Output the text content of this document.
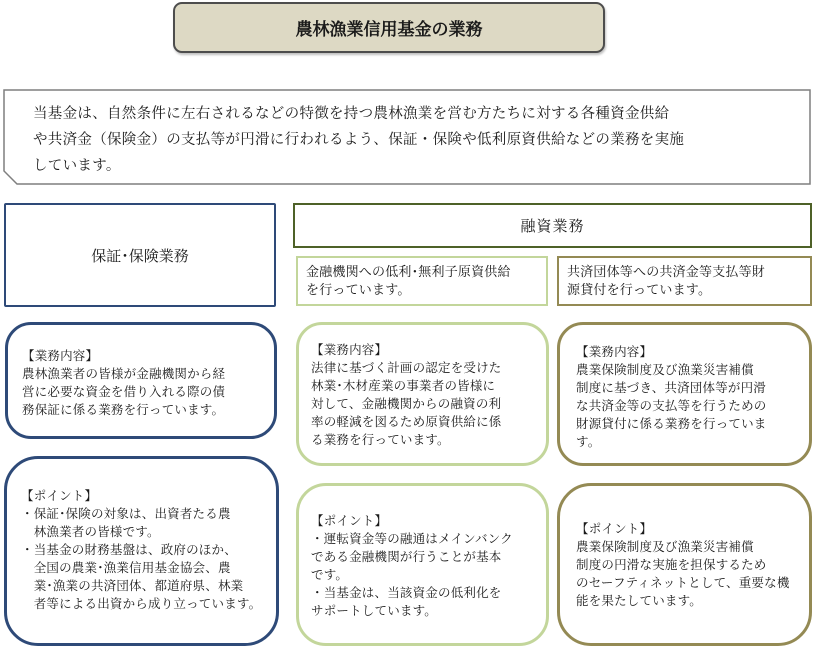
農林漁業信用基金の業務
当基金は、自然条件に左右されるなどの特徴を持つ農林漁業を営む方たちに対する各種資金供給
や共済金（保険金）の支払等が円滑に行われるよう、保証・保険や低利原資供給などの業務を実施
しています。
保証･保険業務
【業務内容】
農林漁業者の皆様が金融機関から経
営に必要な資金を借り入れる際の債
務保証に係る業務を行っています。
【ポイント】
・保証･保険の対象は、出資者たる農
　林漁業者の皆様です。
・当基金の財務基盤は、政府のほか、
　全国の農業･漁業信用基金協会、農
　業･漁業の共済団体、都道府県、林業
　者等による出資から成り立っています。
融資業務
金融機関への低利･無利子原資供給
を行っています。
共済団体等への共済金等支払等財
源貸付を行っています。
【業務内容】
法律に基づく計画の認定を受けた
林業･木材産業の事業者の皆様に
対して、金融機関からの融資の利
率の軽減を図るため原資供給に係
る業務を行っています。
【ポイント】
・運転資金等の融通はメインバンク
である金融機関が行うことが基本
です。
・当基金は、当該資金の低利化を
サポートしています。
【業務内容】
農業保険制度及び漁業災害補償
制度に基づき、共済団体等が円滑
な共済金等の支払等を行うための
財源貸付に係る業務を行っていま
す。
【ポイント】
農業保険制度及び漁業災害補償
制度の円滑な実施を担保するため
のセーフティネットとして、重要な機
能を果たしています。
